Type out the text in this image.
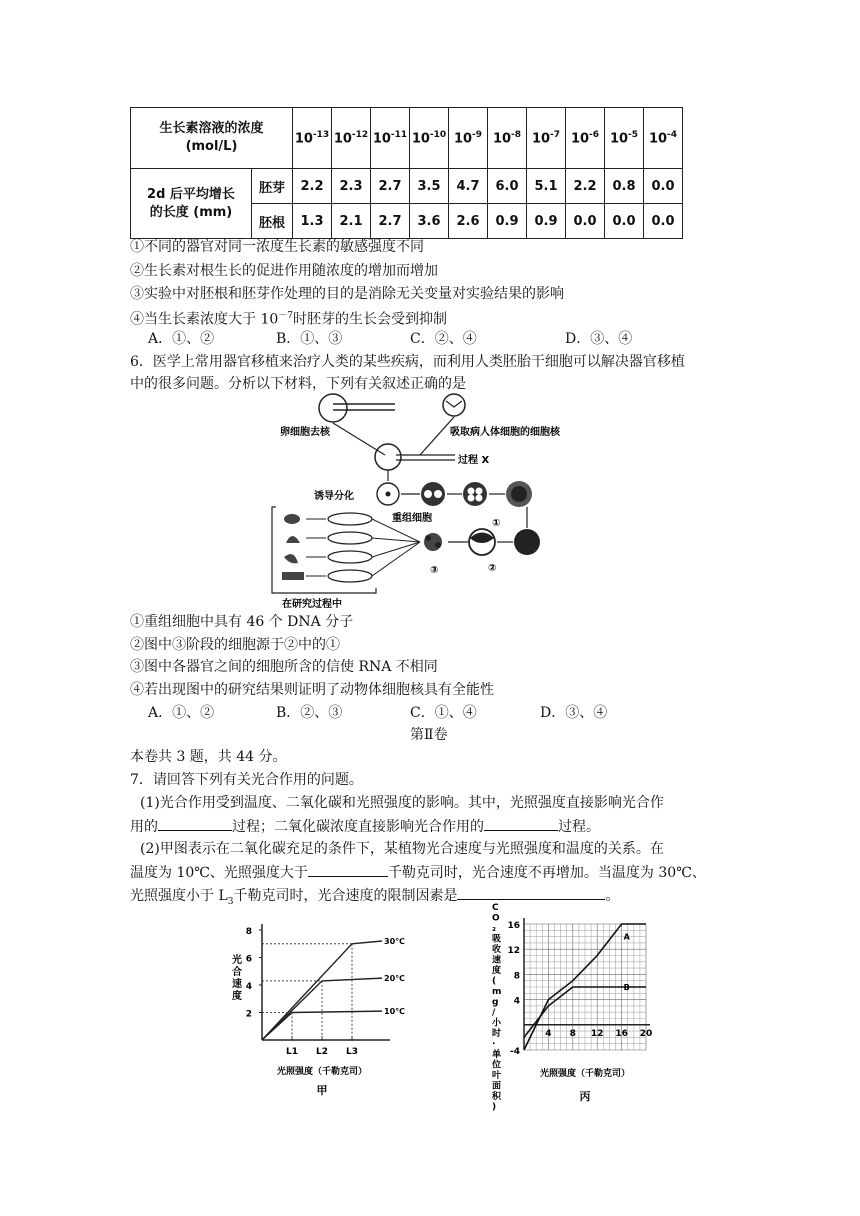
生长素溶液的浓度
(mol/L)		$10^{-13}$	$10^{-12}$	$10^{-11}$	$10^{-10}$	$10^{-9}$	$10^{-8}$	$10^{-7}$	$10^{-6}$	$10^{-5}$	$10^{-4}$
2d 后平均增长
的长度 (mm)	胚芽	2.2	2.3	2.7	3.5	4.7	6.0	5.1	2.2	0.8	0.0
	胚根	1.3	2.1	2.7	3.6	2.6	0.9	0.9	0.0	0.0	0.0
①不同的器官对同一浓度生长素的敏感强度不同
②生长素对根生长的促进作用随浓度的增加而增加
③实验中对胚根和胚芽作处理的目的是消除无关变量对实验结果的影响
④当生长素浓度大于 $10^{-7}$时胚芽的生长会受到抑制
A．①、②	B．①、③	C．②、④	D．③、④
6．医学上常用器官移植来治疗人类的某些疾病，而利用人类胚胎干细胞可以解决器官移植
中的很多问题。分析以下材料，下列有关叙述正确的是
卵细胞去核	吸取病人体细胞的细胞核
过程 X
诱导分化
重组细胞	①
②
③
在研究过程中
①重组细胞中具有 46 个 DNA 分子
②图中③阶段的细胞源于②中的①
③图中各器官之间的细胞所含的信使 RNA 不相同
④若出现图中的研究结果则证明了动物体细胞核具有全能性
A．①、②	B．②、③	C．①、④	D．③、④
第Ⅱ卷
本卷共 3 题，共 44 分。
7．请回答下列有关光合作用的问题。
(1)光合作用受到温度、二氧化碳和光照强度的影响。其中，光照强度直接影响光合作
用的	过程；二氧化碳浓度直接影响光合作用的	过程。
(2)甲图表示在二氧化碳充足的条件下，某植物光合速度与光照强度和温度的关系。在
温度为 10℃、光照强度大于	千勒克司时，光合速度不再增加。当温度为 30℃、
光照强度小于 $L_3$千勒克司时，光合速度的限制因素是	。
2
4
6
8
L1 L2 L3
光合速度
光照强度（千勒克司）
甲
30℃
20℃
10℃
-4
4
8
12
16
4 8 12 16 20
C O ₂ 吸收速度( m g /小时·单位叶面积)
光照强度（千勒克司）
丙
A
B
